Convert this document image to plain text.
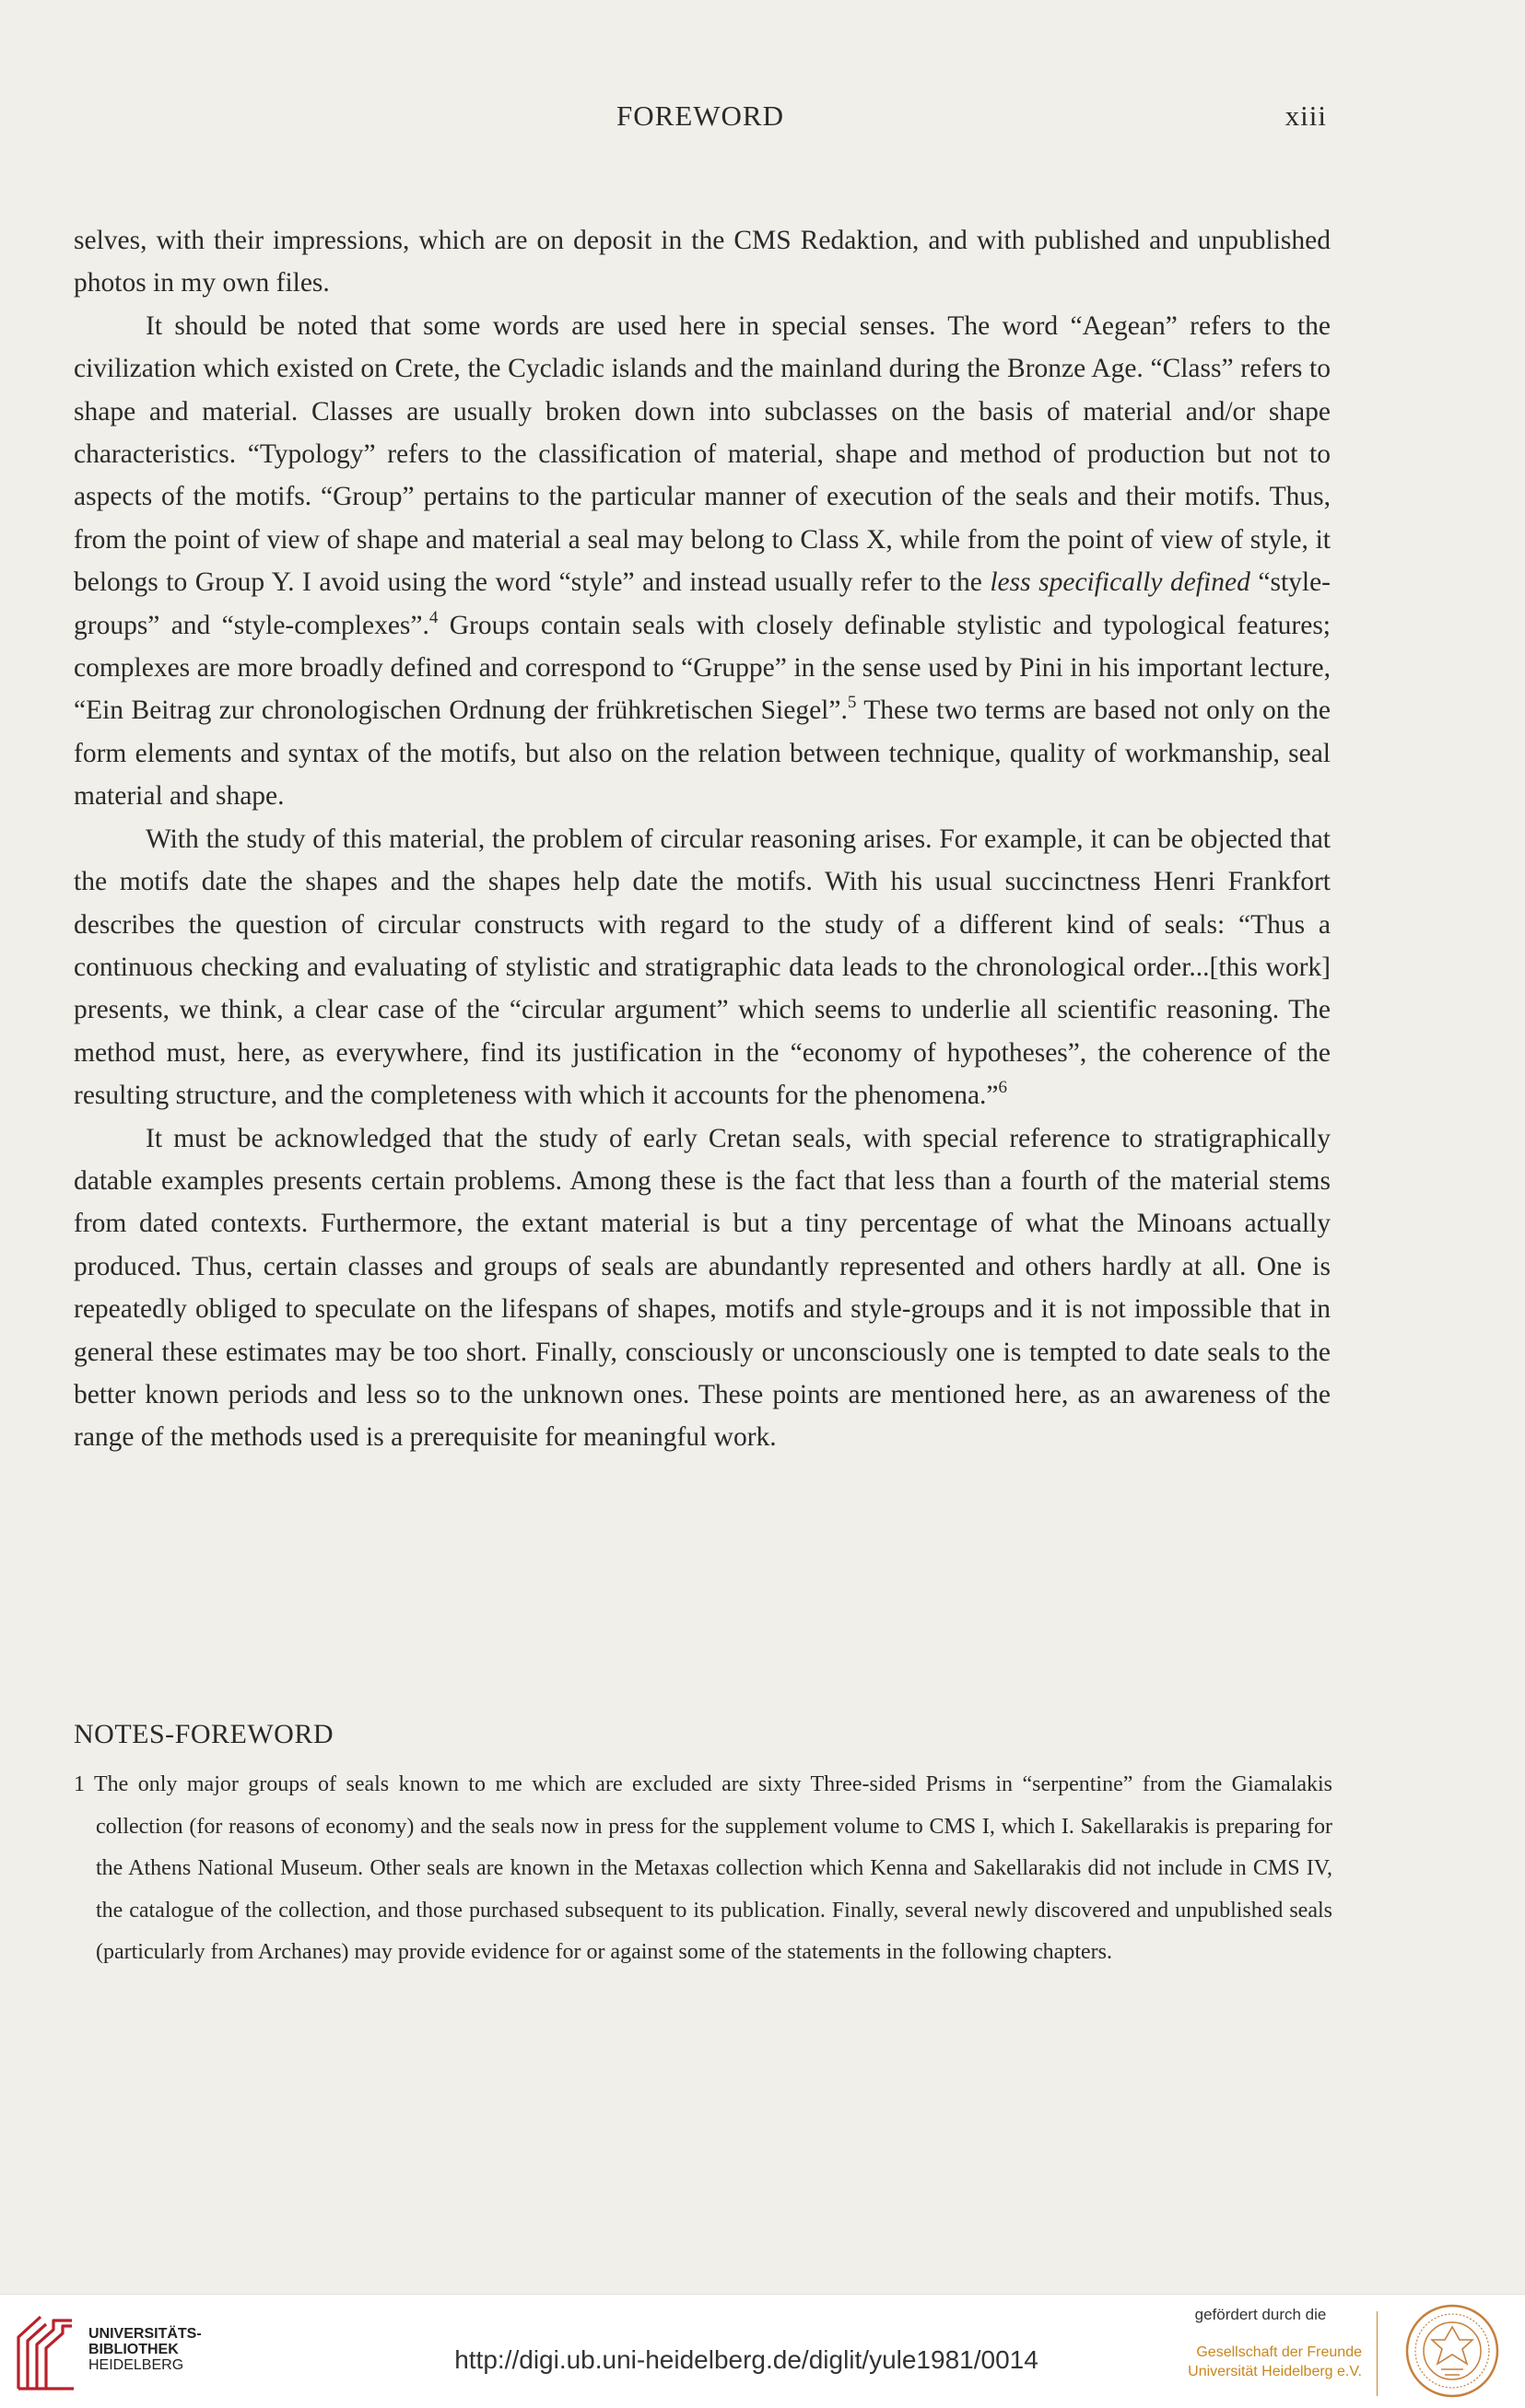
FOREWORD	xiii

selves, with their impressions, which are on deposit in the CMS Redaktion, and with published and unpublished photos in my own files.

It should be noted that some words are used here in special senses. The word “Aegean” refers to the civilization which existed on Crete, the Cycladic islands and the mainland during the Bronze Age. “Class” refers to shape and material. Classes are usually broken down into subclasses on the basis of material and/or shape characteristics. “Typology” refers to the classification of material, shape and method of production but not to aspects of the motifs. “Group” pertains to the particular manner of execution of the seals and their motifs. Thus, from the point of view of shape and material a seal may belong to Class X, while from the point of view of style, it belongs to Group Y. I avoid using the word “style” and instead usually refer to the less specifically defined “style-groups” and “style-complexes”.$^4$ Groups contain seals with closely definable stylistic and typological features; complexes are more broadly defined and correspond to “Gruppe” in the sense used by Pini in his important lecture, “Ein Beitrag zur chronologischen Ordnung der frühkretischen Siegel”.$^5$ These two terms are based not only on the form elements and syntax of the motifs, but also on the relation between technique, quality of workmanship, seal material and shape.

With the study of this material, the problem of circular reasoning arises. For example, it can be objected that the motifs date the shapes and the shapes help date the motifs. With his usual succinctness Henri Frankfort describes the question of circular constructs with regard to the study of a different kind of seals: “Thus a continuous checking and evaluating of stylistic and stratigraphic data leads to the chronological order...[this work] presents, we think, a clear case of the “circular argument” which seems to underlie all scientific reasoning. The method must, here, as everywhere, find its justification in the “economy of hypotheses”, the coherence of the resulting structure, and the completeness with which it accounts for the phenomena.”$^6$

It must be acknowledged that the study of early Cretan seals, with special reference to stratigraphically datable examples presents certain problems. Among these is the fact that less than a fourth of the material stems from dated contexts. Furthermore, the extant material is but a tiny percentage of what the Minoans actually produced. Thus, certain classes and groups of seals are abundantly represented and others hardly at all. One is repeatedly obliged to speculate on the lifespans of shapes, motifs and style-groups and it is not impossible that in general these estimates may be too short. Finally, consciously or unconsciously one is tempted to date seals to the better known periods and less so to the unknown ones. These points are mentioned here, as an awareness of the range of the methods used is a prerequisite for meaningful work.

NOTES-FOREWORD

1 The only major groups of seals known to me which are excluded are sixty Three-sided Prisms in “serpentine” from the Giamalakis collection (for reasons of economy) and the seals now in press for the supplement volume to CMS I, which I. Sakellarakis is preparing for the Athens National Museum. Other seals are known in the Metaxas collection which Kenna and Sakellarakis did not include in CMS IV, the catalogue of the collection, and those purchased subsequent to its publication. Finally, several newly discovered and unpublished seals (particularly from Archanes) may provide evidence for or against some of the statements in the following chapters.

UNIVERSITÄTS-
BIBLIOTHEK
HEIDELBERG	http://digi.ub.uni-heidelberg.de/diglit/yule1981/0014
gefördert durch die
Gesellschaft der Freunde
Universität Heidelberg e.V.
